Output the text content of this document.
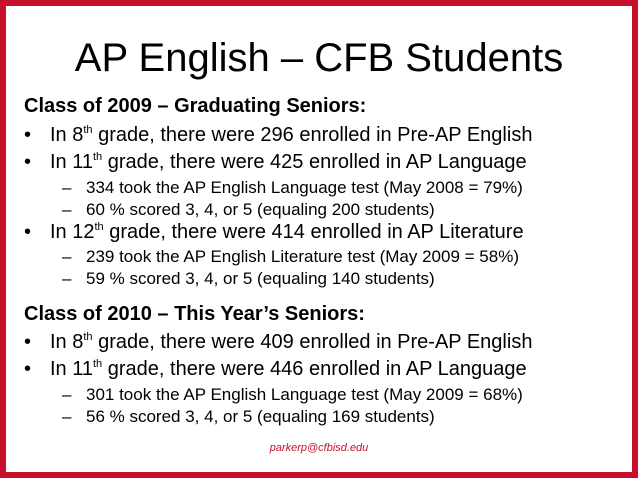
AP English – CFB Students
Class of 2009 – Graduating Seniors:
• In 8th grade, there were 296 enrolled in Pre-AP English
• In 11th grade, there were 425 enrolled in AP Language
– 334 took the AP English Language test (May 2008 = 79%)
– 60 % scored 3, 4, or 5 (equaling 200 students)
• In 12th grade, there were 414 enrolled in AP Literature
– 239 took the AP English Literature test (May 2009 = 58%)
– 59 % scored 3, 4, or 5 (equaling 140 students)
Class of 2010 – This Year’s Seniors:
• In 8th grade, there were 409 enrolled in Pre-AP English
• In 11th grade, there were 446 enrolled in AP Language
– 301 took the AP English Language test (May 2009 = 68%)
– 56 % scored 3, 4, or 5 (equaling 169 students)
parkerp@cfbisd.edu
